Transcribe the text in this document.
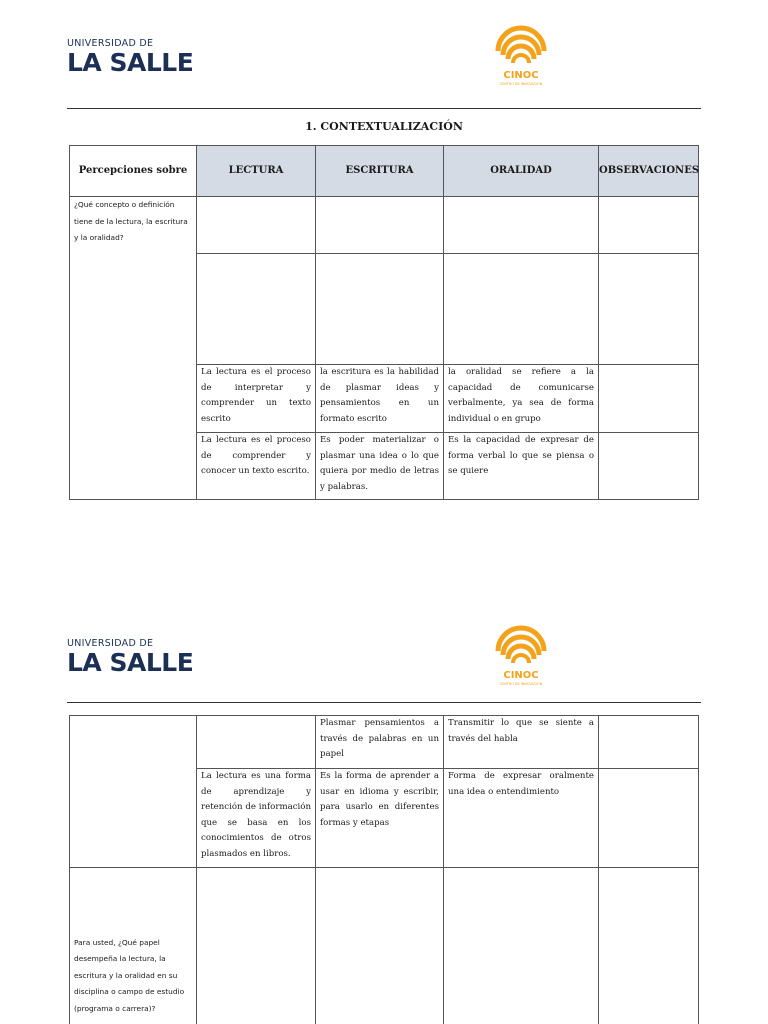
UNIVERSIDAD DE
LA SALLE	CINOC
CENTRO DE INNOVACIÓN
1. CONTEXTUALIZACIÓN
Percepciones sobre	LECTURA	ESCRITURA	ORALIDAD	OBSERVACIONES

¿Qué concepto o definición tiene de la lectura, la escritura y la oralidad?				

	La lectura es el proceso de interpretar y comprender un texto escrito	la escritura es la habilidad de plasmar ideas y pensamientos en un formato escrito	la oralidad se refiere a la capacidad de comunicarse verbalmente, ya sea de forma individual o en grupo	

	La lectura es el proceso de comprender y conocer un texto escrito.	Es poder materializar o plasmar una idea o lo que quiera por medio de letras y palabras.	Es la capacidad de expresar de forma verbal lo que se piensa o se quiere	

UNIVERSIDAD DE
LA SALLE	CINOC
CENTRO DE INNOVACIÓN

		Plasmar pensamientos a través de palabras en un papel	Transmitir lo que se siente a través del habla	

	La lectura es una forma de aprendizaje y retención de información que se basa en los conocimientos de otros plasmados en libros.	Es la forma de aprender a usar en idioma y escribir, para usarlo en diferentes formas y etapas	Forma de expresar oralmente una idea o entendimiento	

Para usted, ¿Qué papel desempeña la lectura, la escritura y la oralidad en su disciplina o campo de estudio (programa o carrera)?				
